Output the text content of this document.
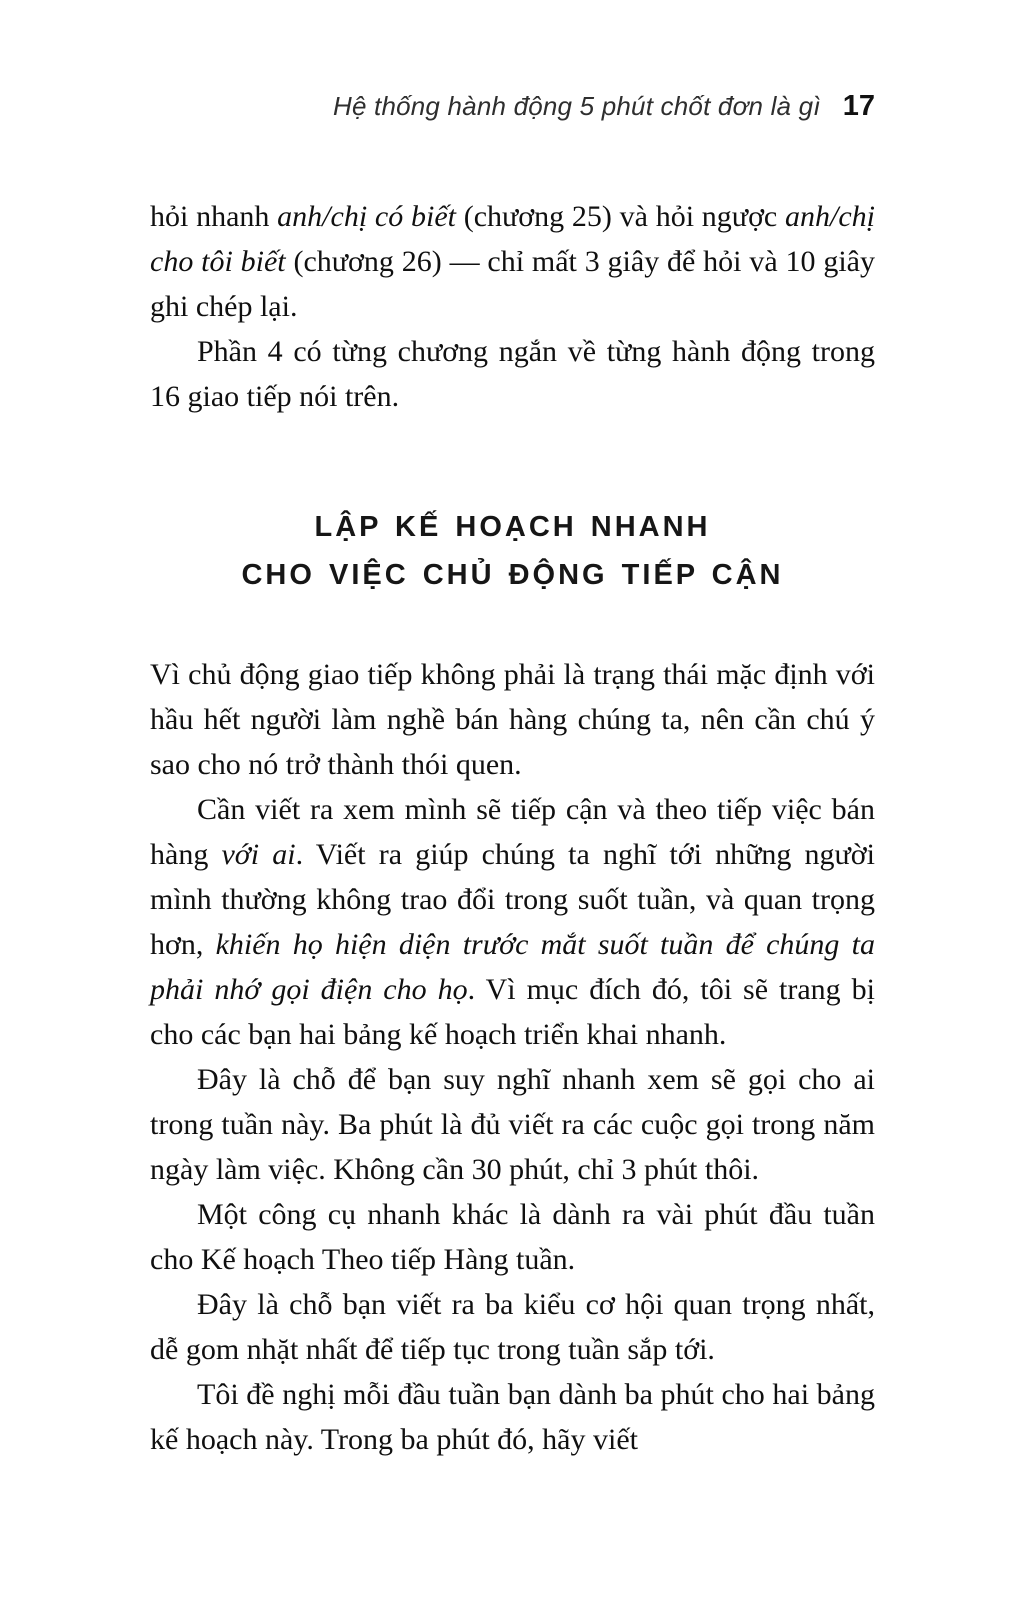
Hệ thống hành động 5 phút chốt đơn là gì 17

hỏi nhanh anh/chị có biết (chương 25) và hỏi ngược anh/chị cho tôi biết (chương 26) — chỉ mất 3 giây để hỏi và 10 giây ghi chép lại.

Phần 4 có từng chương ngắn về từng hành động trong 16 giao tiếp nói trên.

LẬP KẾ HOẠCH NHANH
CHO VIỆC CHỦ ĐỘNG TIẾP CẬN

Vì chủ động giao tiếp không phải là trạng thái mặc định với hầu hết người làm nghề bán hàng chúng ta, nên cần chú ý sao cho nó trở thành thói quen.

Cần viết ra xem mình sẽ tiếp cận và theo tiếp việc bán hàng với ai. Viết ra giúp chúng ta nghĩ tới những người mình thường không trao đổi trong suốt tuần, và quan trọng hơn, khiến họ hiện diện trước mắt suốt tuần để chúng ta phải nhớ gọi điện cho họ. Vì mục đích đó, tôi sẽ trang bị cho các bạn hai bảng kế hoạch triển khai nhanh.

Đây là chỗ để bạn suy nghĩ nhanh xem sẽ gọi cho ai trong tuần này. Ba phút là đủ viết ra các cuộc gọi trong năm ngày làm việc. Không cần 30 phút, chỉ 3 phút thôi.

Một công cụ nhanh khác là dành ra vài phút đầu tuần cho Kế hoạch Theo tiếp Hàng tuần.

Đây là chỗ bạn viết ra ba kiểu cơ hội quan trọng nhất, dễ gom nhặt nhất để tiếp tục trong tuần sắp tới.

Tôi đề nghị mỗi đầu tuần bạn dành ba phút cho hai bảng kế hoạch này. Trong ba phút đó, hãy viết
